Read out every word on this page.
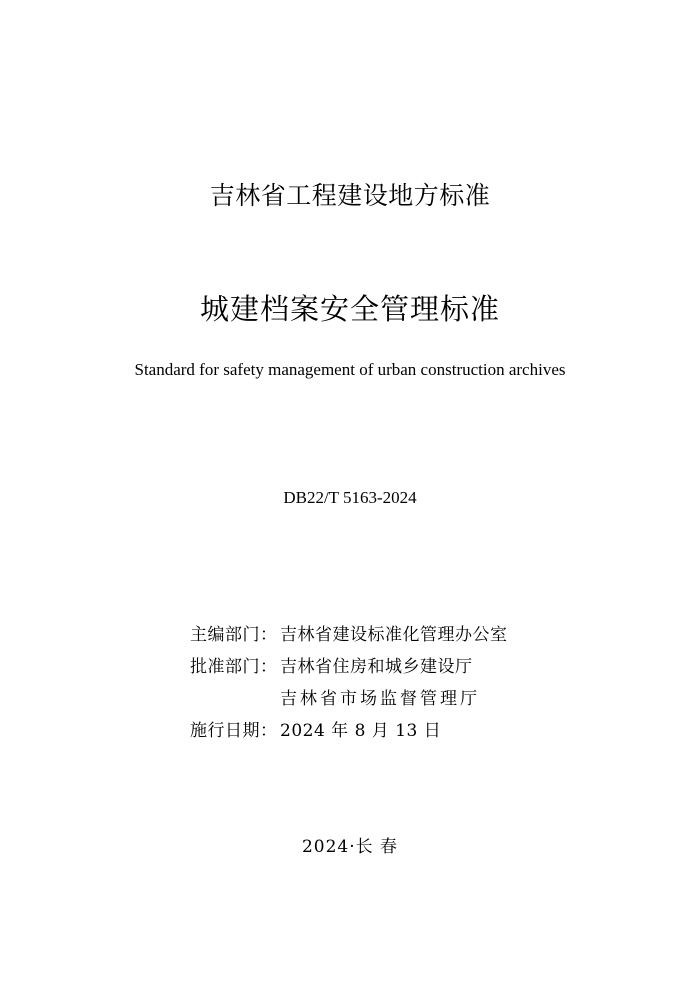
吉林省工程建设地方标准
城建档案安全管理标准
Standard for safety management of urban construction archives
DB22/T 5163-2024
主编部门： 吉林省建设标准化管理办公室
批准部门： 吉林省住房和城乡建设厅
吉林省市场监督管理厅
施行日期： 2024 年 8 月 13 日
2024·长 春
